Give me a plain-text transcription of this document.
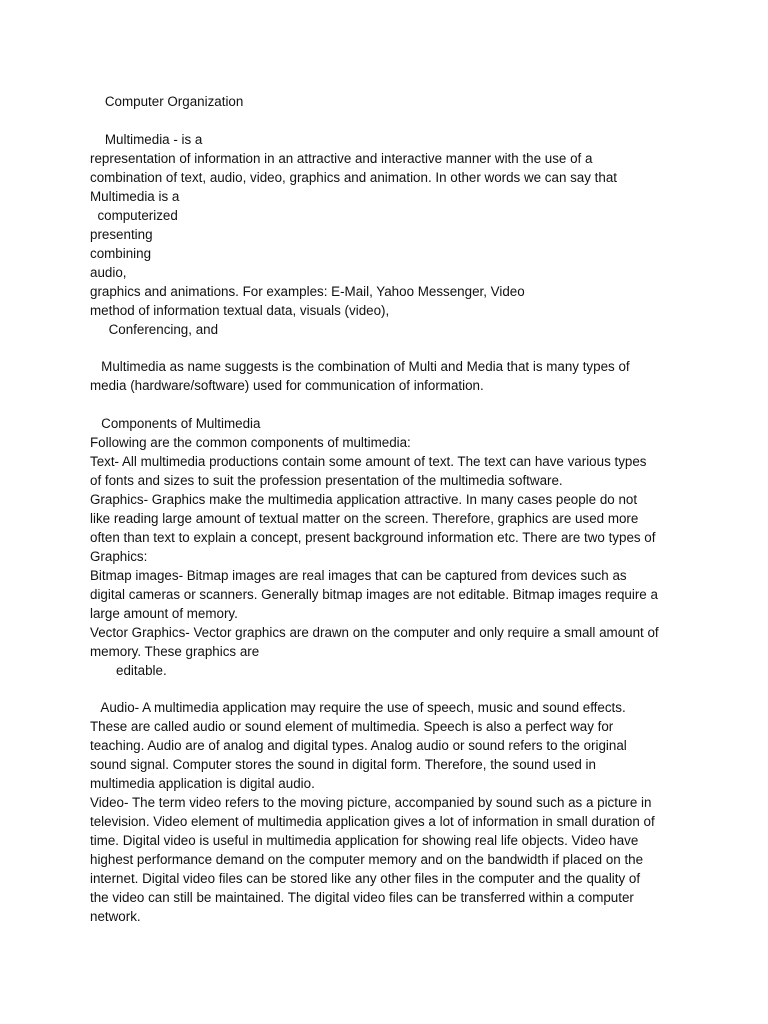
Computer Organization
Multimedia - is a
representation of information in an attractive and interactive manner with the use of a
combination of text, audio, video, graphics and animation. In other words we can say that
Multimedia is a
computerized
presenting
combining
audio,
graphics and animations. For examples: E-Mail, Yahoo Messenger, Video
method of information textual data, visuals (video),
Conferencing, and
Multimedia as name suggests is the combination of Multi and Media that is many types of
media (hardware/software) used for communication of information.
Components of Multimedia
Following are the common components of multimedia:
Text- All multimedia productions contain some amount of text. The text can have various types
of fonts and sizes to suit the profession presentation of the multimedia software.
Graphics- Graphics make the multimedia application attractive. In many cases people do not
like reading large amount of textual matter on the screen. Therefore, graphics are used more
often than text to explain a concept, present background information etc. There are two types of
Graphics:
Bitmap images- Bitmap images are real images that can be captured from devices such as
digital cameras or scanners. Generally bitmap images are not editable. Bitmap images require a
large amount of memory.
Vector Graphics- Vector graphics are drawn on the computer and only require a small amount of
memory. These graphics are
editable.
Audio- A multimedia application may require the use of speech, music and sound effects.
These are called audio or sound element of multimedia. Speech is also a perfect way for
teaching. Audio are of analog and digital types. Analog audio or sound refers to the original
sound signal. Computer stores the sound in digital form. Therefore, the sound used in
multimedia application is digital audio.
Video- The term video refers to the moving picture, accompanied by sound such as a picture in
television. Video element of multimedia application gives a lot of information in small duration of
time. Digital video is useful in multimedia application for showing real life objects. Video have
highest performance demand on the computer memory and on the bandwidth if placed on the
internet. Digital video files can be stored like any other files in the computer and the quality of
the video can still be maintained. The digital video files can be transferred within a computer
network.
